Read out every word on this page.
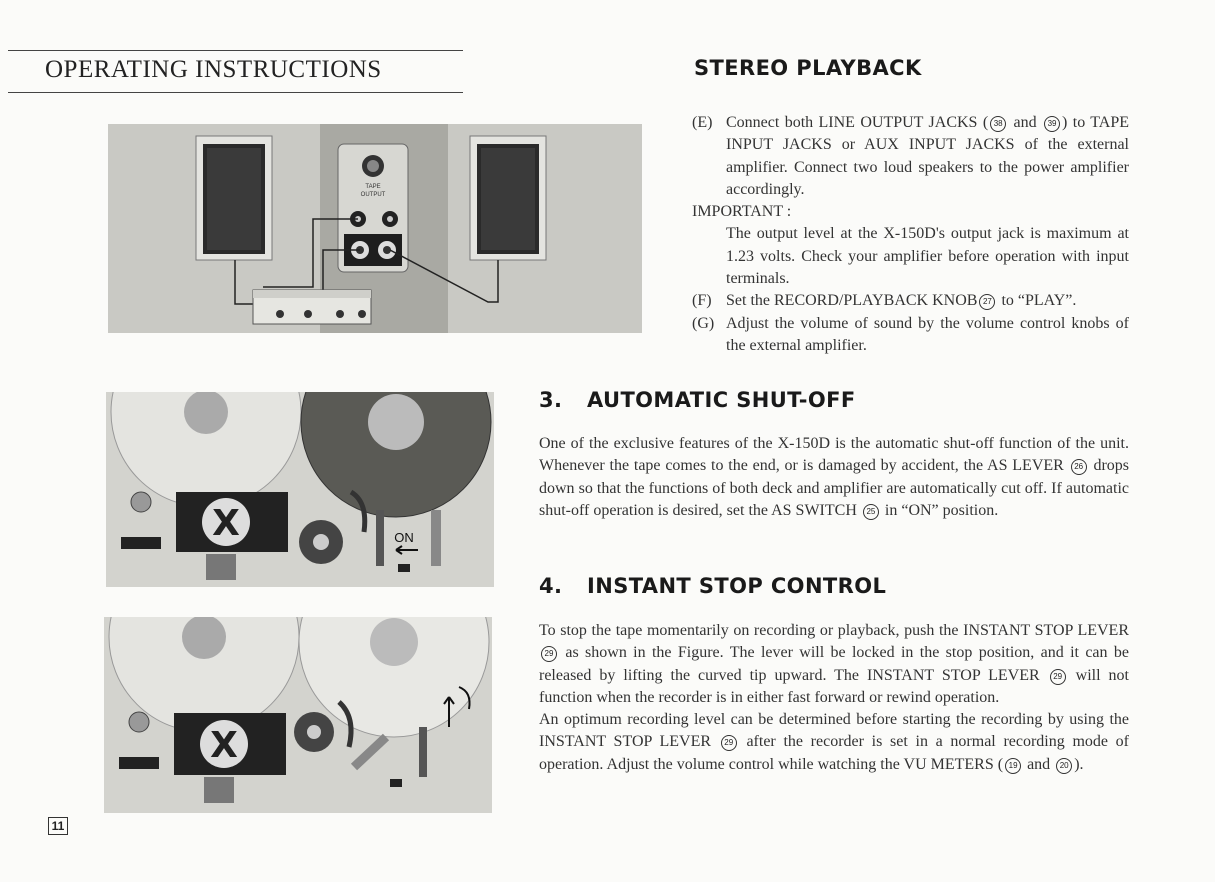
OPERATING INSTRUCTIONS
TAPE
OUTPUT
X	ON
X
11
STEREO PLAYBACK
(E) Connect both LINE OUTPUT JACKS ( 38 and 39 ) to TAPE INPUT JACKS or AUX INPUT JACKS of the external amplifier. Connect two loud speakers to the power amplifier accordingly.

IMPORTANT :

The output level at the X-150D's output jack is maximum at 1.23 volts. Check your amplifier before operation with input terminals.

(F) Set the RECORD/PLAYBACK KNOB 27 to “PLAY”.
(G) Adjust the volume of sound by the volume control knobs of the external amplifier.
3. AUTOMATIC SHUT-OFF

One of the exclusive features of the X-150D is the automatic shut-off function of the unit. Whenever the tape comes to the end, or is damaged by accident, the AS LEVER 26 drops down so that the functions of both deck and amplifier are automatically cut off. If automatic shut-off operation is desired, set the AS SWITCH 25 in “ON” position.

4. INSTANT STOP CONTROL

To stop the tape momentarily on recording or playback, push the INSTANT STOP LEVER 29 as shown in the Figure. The lever will be locked in the stop position, and it can be released by lifting the curved tip upward. The INSTANT STOP LEVER 29 will not function when the recorder is in either fast forward or rewind operation.

An optimum recording level can be determined before starting the recording by using the INSTANT STOP LEVER 29 after the recorder is set in a normal recording mode of operation. Adjust the volume control while watching the VU METERS ( 19 and 20 ).
